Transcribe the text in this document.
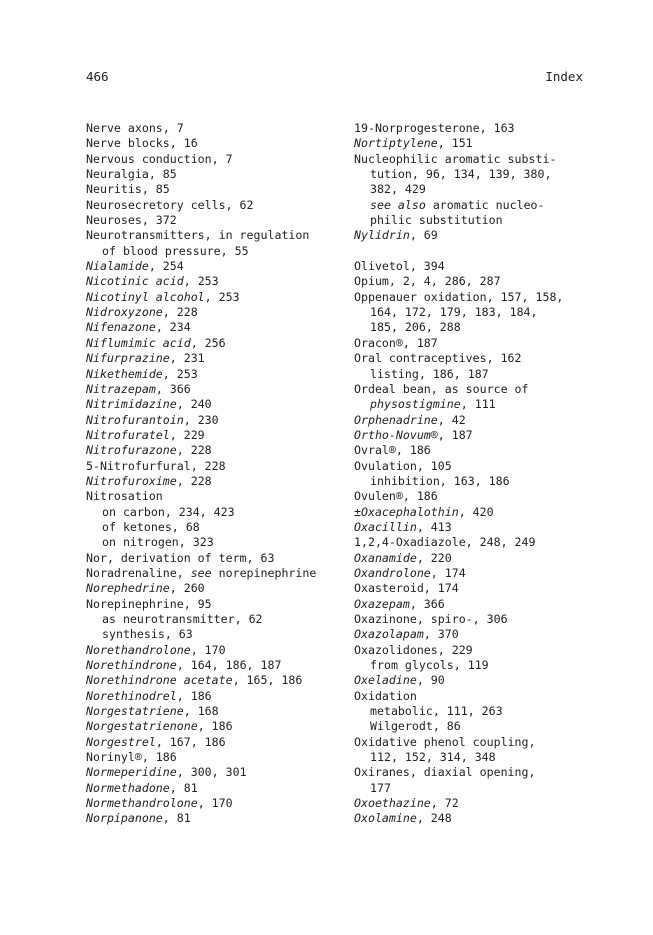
466	Index
Nerve axons, 7
Nerve blocks, 16
Nervous conduction, 7
Neuralgia, 85
Neuritis, 85
Neurosecretory cells, 62
Neuroses, 372
Neurotransmitters, in regulation
of blood pressure, 55
Nialamide, 254
Nicotinic acid, 253
Nicotinyl alcohol, 253
Nidroxyzone, 228
Nifenazone, 234
Niflumimic acid, 256
Nifurprazine, 231
Nikethemide, 253
Nitrazepam, 366
Nitrimidazine, 240
Nitrofurantoin, 230
Nitrofuratel, 229
Nitrofurazone, 228
5-Nitrofurfural, 228
Nitrofuroxime, 228
Nitrosation
on carbon, 234, 423
of ketones, 68
on nitrogen, 323
Nor, derivation of term, 63
Noradrenaline, see norepinephrine
Norephedrine, 260
Norepinephrine, 95
as neurotransmitter, 62
synthesis, 63
Norethandrolone, 170
Norethindrone, 164, 186, 187
Norethindrone acetate, 165, 186
Norethinodrel, 186
Norgestatriene, 168
Norgestatrienone, 186
Norgestrel, 167, 186
Norinyl®, 186
Normeperidine, 300, 301
Normethadone, 81
Normethandrolone, 170
Norpipanone, 81
19-Norprogesterone, 163
Nortiptylene, 151
Nucleophilic aromatic substi-
tution, 96, 134, 139, 380,
382, 429
see also aromatic nucleo-
philic substitution
Nylidrin, 69
Olivetol, 394
Opium, 2, 4, 286, 287
Oppenauer oxidation, 157, 158,
164, 172, 179, 183, 184,
185, 206, 288
Oracon®, 187
Oral contraceptives, 162
listing, 186, 187
Ordeal bean, as source of
physostigmine, 111
Orphenadrine, 42
Ortho-Novum®, 187
Ovral®, 186
Ovulation, 105
inhibition, 163, 186
Ovulen®, 186
±Oxacephalothin, 420
Oxacillin, 413
1,2,4-Oxadiazole, 248, 249
Oxanamide, 220
Oxandrolone, 174
Oxasteroid, 174
Oxazepam, 366
Oxazinone, spiro-, 306
Oxazolapam, 370
Oxazolidones, 229
from glycols, 119
Oxeladine, 90
Oxidation
metabolic, 111, 263
Wilgerodt, 86
Oxidative phenol coupling,
112, 152, 314, 348
Oxiranes, diaxial opening,
177
Oxoethazine, 72
Oxolamine, 248
